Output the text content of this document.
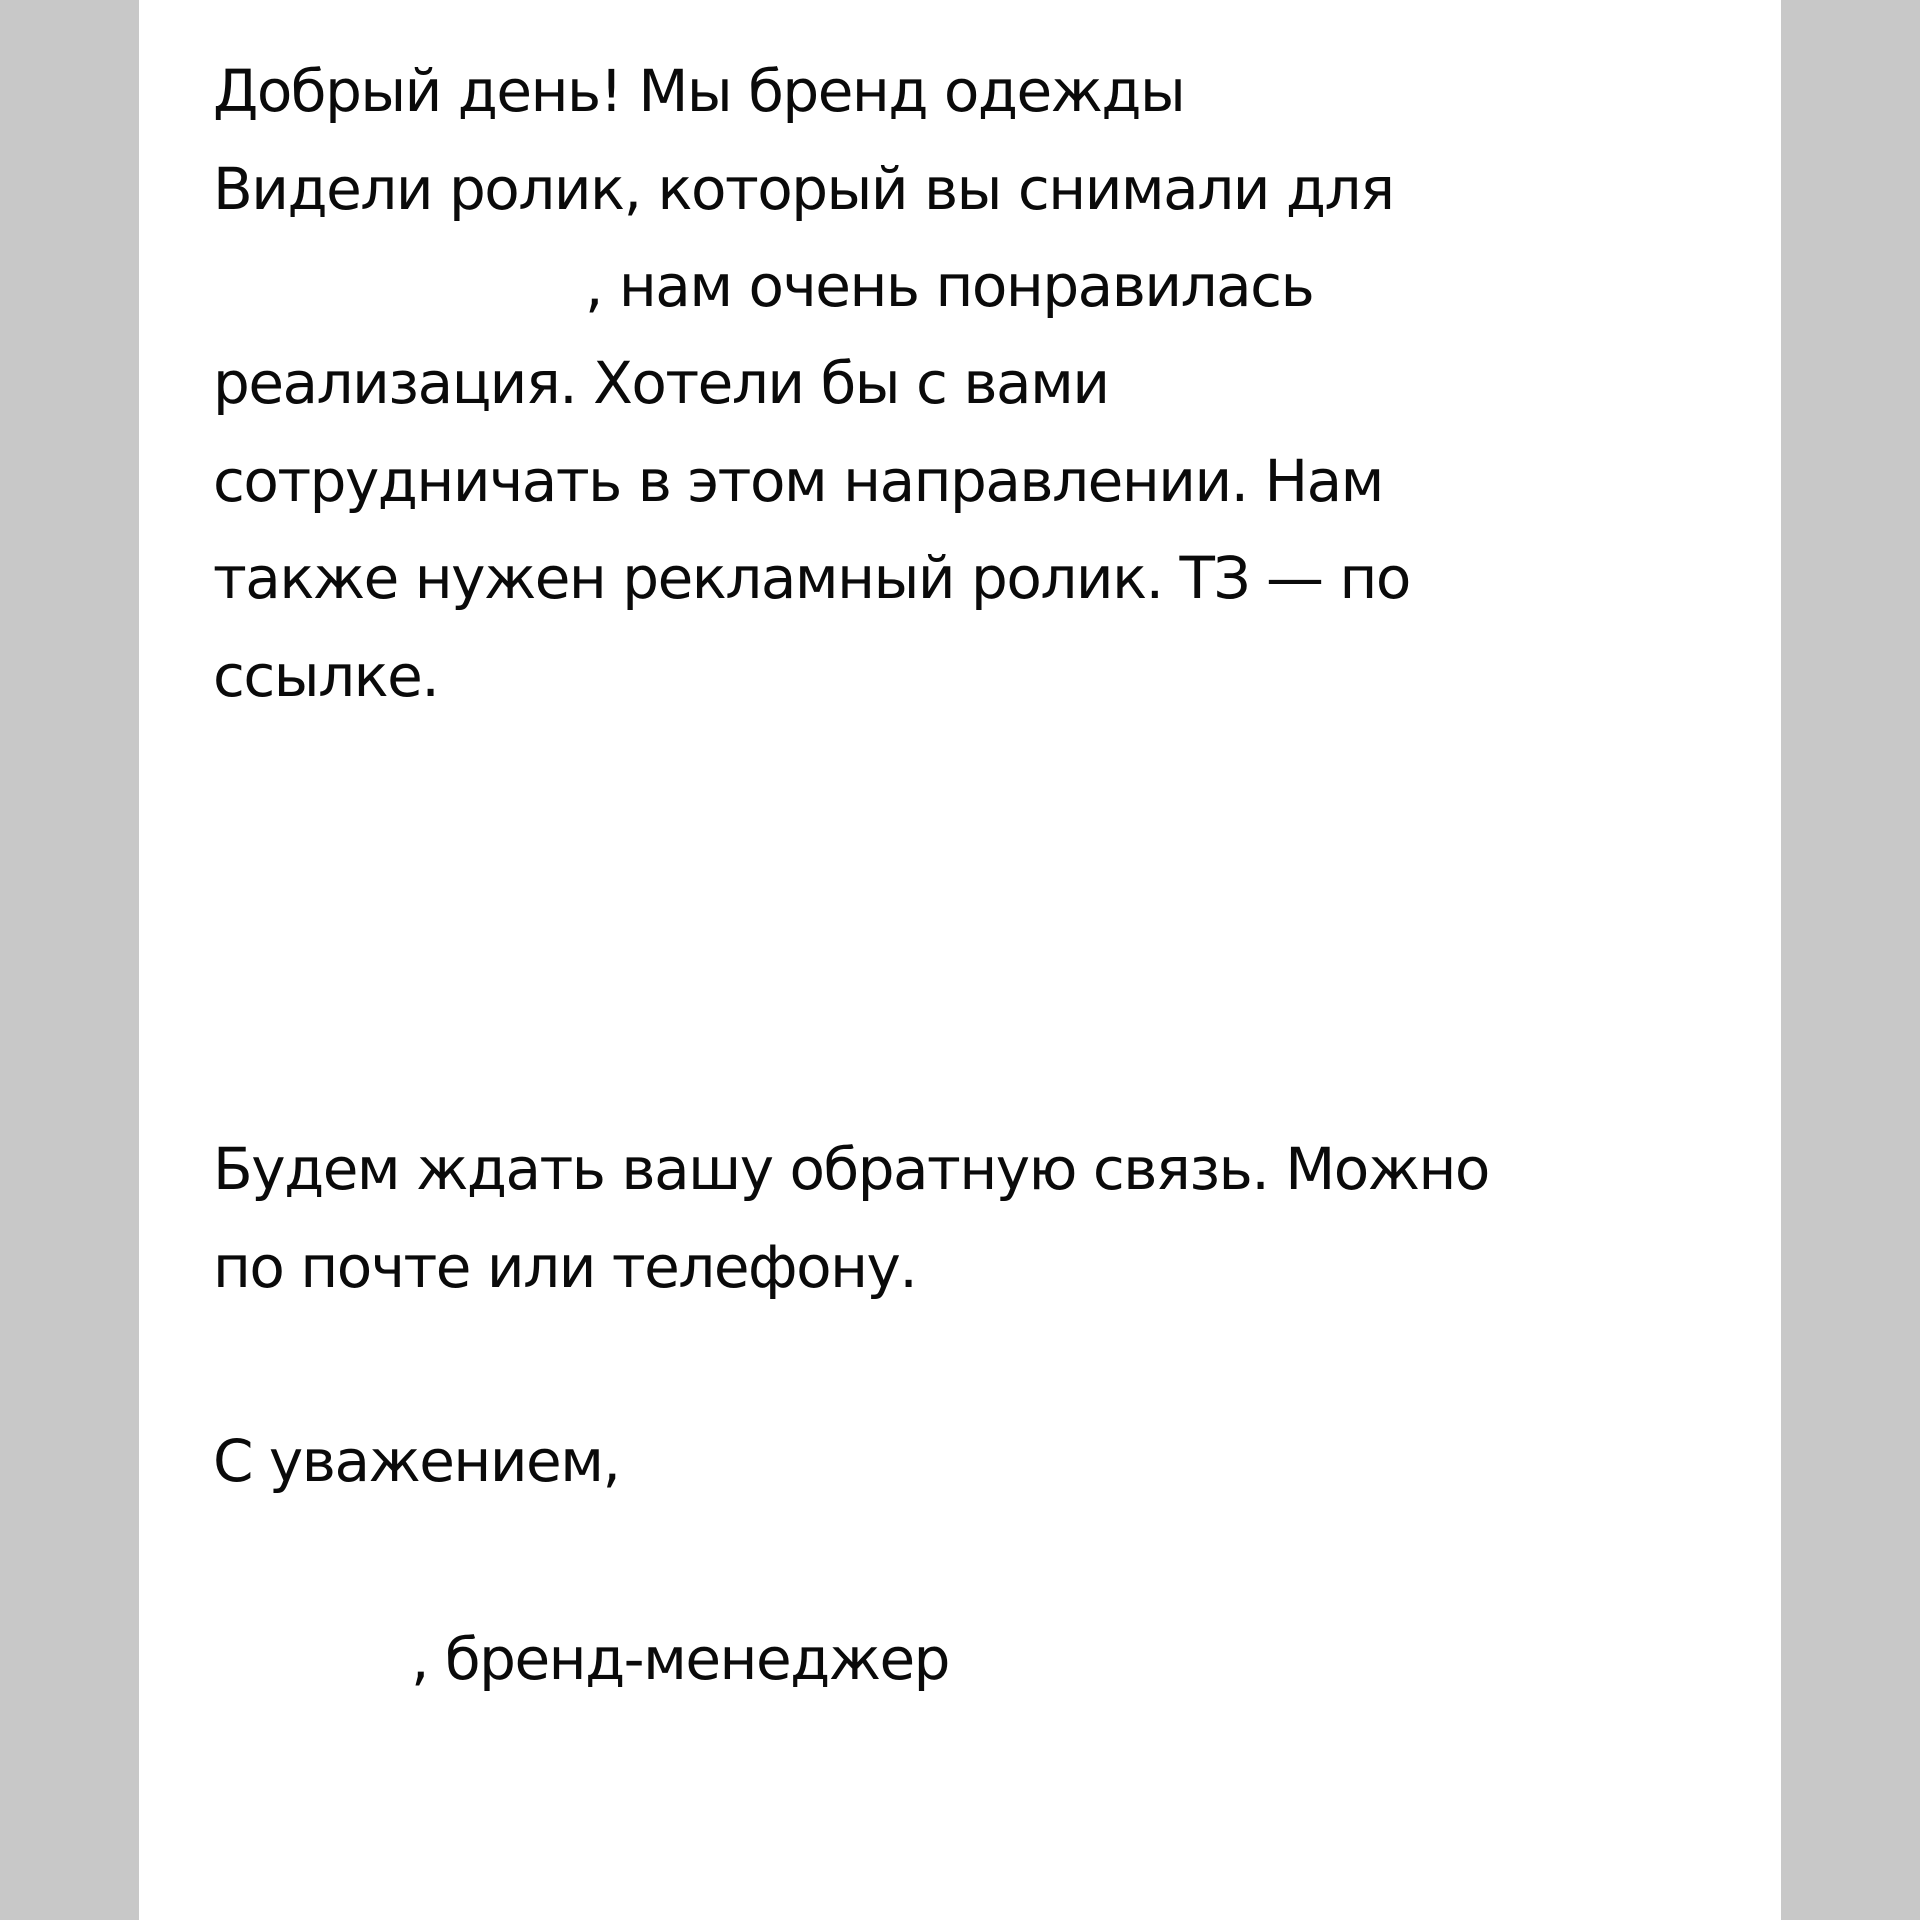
Добрый день! Мы бренд одежды

Видели ролик, который вы снимали для

, нам очень понравилась

реализация. Хотели бы с вами

сотрудничать в этом направлении. Нам

также нужен рекламный ролик. ТЗ — по

ссылке.

Будем ждать вашу обратную связь. Можно

по почте или телефону.

С уважением,

, бренд-менеджер
